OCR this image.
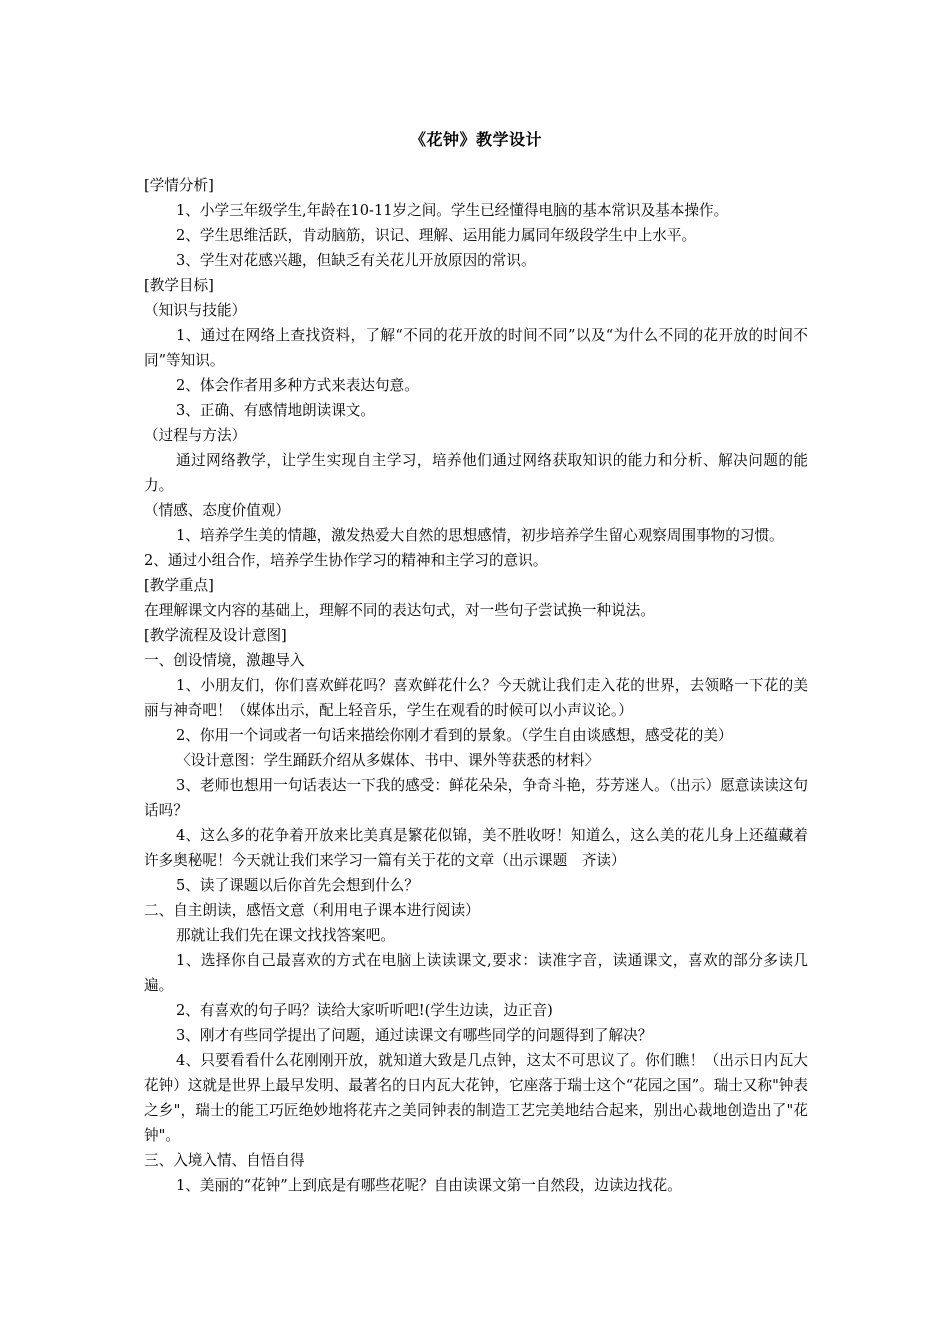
《花钟》教学设计

[学情分析]

1、小学三年级学生,年龄在10-11岁之间。学生已经懂得电脑的基本常识及基本操作。

2、学生思维活跃，肯动脑筋，识记、理解、运用能力属同年级段学生中上水平。

3、学生对花感兴趣，但缺乏有关花儿开放原因的常识。

[教学目标]

（知识与技能）

1、通过在网络上查找资料，了解“不同的花开放的时间不同”以及“为什么不同的花开放的时间不同”等知识。

2、体会作者用多种方式来表达句意。

3、正确、有感情地朗读课文。

（过程与方法）

通过网络教学，让学生实现自主学习，培养他们通过网络获取知识的能力和分析、解决问题的能力。

（情感、态度价值观）

1、培养学生美的情趣，激发热爱大自然的思想感情，初步培养学生留心观察周围事物的习惯。

2、通过小组合作，培养学生协作学习的精神和主学习的意识。

[教学重点]

在理解课文内容的基础上，理解不同的表达句式，对一些句子尝试换一种说法。

[教学流程及设计意图]

一、创设情境，激趣导入

1、小朋友们，你们喜欢鲜花吗？喜欢鲜花什么？今天就让我们走入花的世界，去领略一下花的美丽与神奇吧！（媒体出示，配上轻音乐，学生在观看的时候可以小声议论。）

2、你用一个词或者一句话来描绘你刚才看到的景象。（学生自由谈感想，感受花的美）

〈设计意图：学生踊跃介绍从多媒体、书中、课外等获悉的材料〉

3、老师也想用一句话表达一下我的感受：鲜花朵朵，争奇斗艳，芬芳迷人。（出示）愿意读读这句话吗？

4、这么多的花争着开放来比美真是繁花似锦，美不胜收呀！知道么，这么美的花儿身上还蕴藏着许多奥秘呢！今天就让我们来学习一篇有关于花的文章（出示课题　齐读）

5、读了课题以后你首先会想到什么？

二、自主朗读，感悟文意（利用电子课本进行阅读）

那就让我们先在课文找找答案吧。

1、选择你自己最喜欢的方式在电脑上读读课文,要求：读准字音，读通课文，喜欢的部分多读几遍。

2、有喜欢的句子吗？读给大家听听吧!(学生边读，边正音)

3、刚才有些同学提出了问题，通过读课文有哪些同学的问题得到了解决？

4、只要看看什么花刚刚开放，就知道大致是几点钟，这太不可思议了。你们瞧！（出示日内瓦大花钟）这就是世界上最早发明、最著名的日内瓦大花钟，它座落于瑞士这个“花园之国”。瑞士又称"钟表之乡"，瑞士的能工巧匠绝妙地将花卉之美同钟表的制造工艺完美地结合起来，别出心裁地创造出了"花钟"。

三、入境入情、自悟自得

1、美丽的“花钟”上到底是有哪些花呢？自由读课文第一自然段，边读边找花。
